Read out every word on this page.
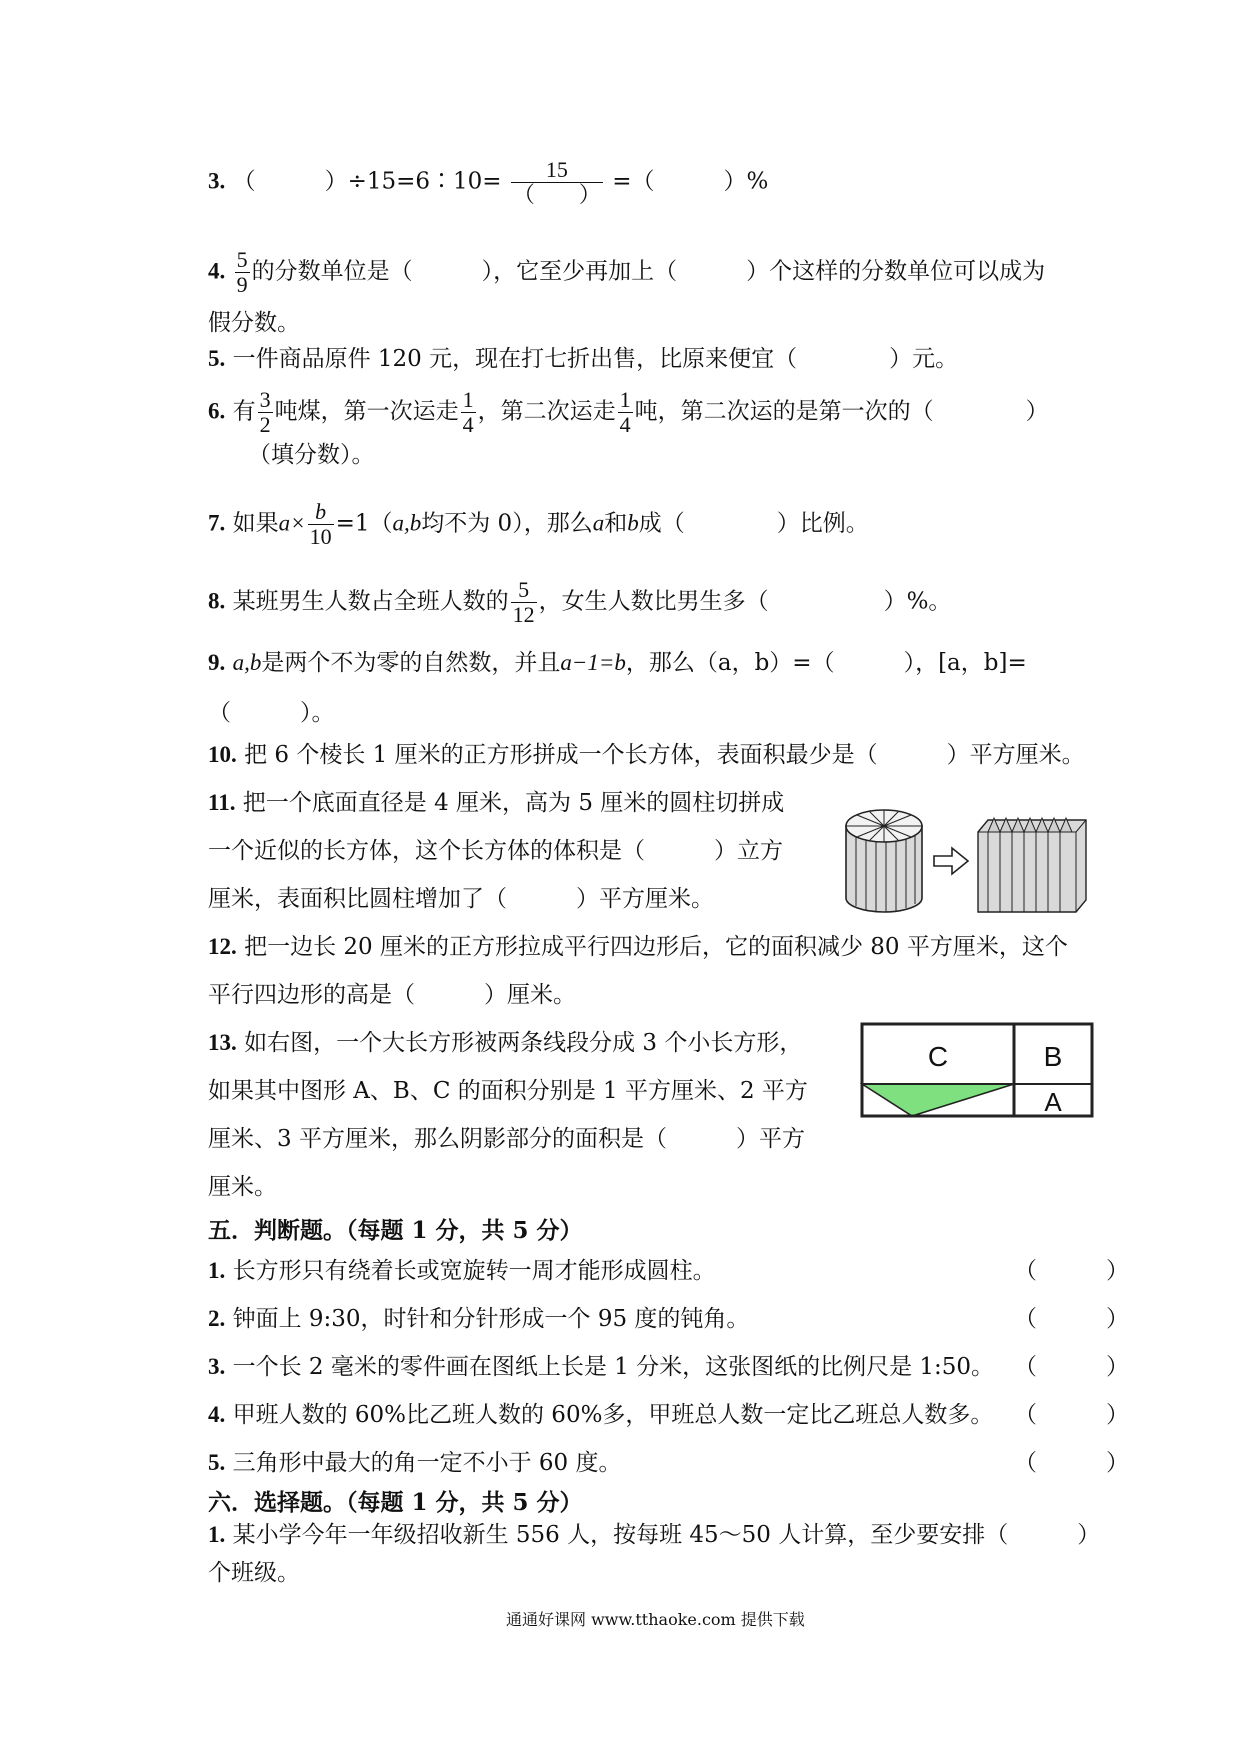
3. （　　　）÷15=6∶10= $\frac{15}{( )}$ =（　　　）%
4. $\frac{5}{9}$ 的分数单位是（　　　），它至少再加上（　　　）个这样的分数单位可以成为
假分数。
5. 一件商品原件 120 元，现在打七折出售，比原来便宜（　　　　）元。
6. 有 $\frac{3}{2}$ 吨煤，第一次运走 $\frac{1}{4}$ ，第二次运走 $\frac{1}{4}$ 吨，第二次运的是第一次的（　　　　）
（填分数）。
7. 如果$a\times \frac{b}{10} =1(a,b$均不为 0），那么a和b成（　　　　）比例。
8. 某班男生人数占全班人数的 $\frac{5}{12}$ ，女生人数比男生多（　　　　　）%。
9. a,b是两个不为零的自然数，并且a−1=b，那么（a，b）=（　　　），[a，b]=
（　　　）。
10. 把 6 个棱长 1 厘米的正方形拼成一个长方体，表面积最少是（　　　）平方厘米。
11. 把一个底面直径是 4 厘米，高为 5 厘米的圆柱切拼成
一个近似的长方体，这个长方体的体积是（　　　）立方
厘米，表面积比圆柱增加了（　　　）平方厘米。
12. 把一边长 20 厘米的正方形拉成平行四边形后，它的面积减少 80 平方厘米，这个
平行四边形的高是（　　　）厘米。
13. 如右图，一个大长方形被两条线段分成 3 个小长方形，
如果其中图形 A、B、C 的面积分别是 1 平方厘米、2 平方
厘米、3 平方厘米，那么阴影部分的面积是（　　　）平方
厘米。
C	B
A
五．判断题。（每题 1 分，共 5 分）
1. 长方形只有绕着长或宽旋转一周才能形成圆柱。	（　　　）
2. 钟面上 9:30，时针和分针形成一个 95 度的钝角。	（　　　）
3. 一个长 2 毫米的零件画在图纸上长是 1 分米，这张图纸的比例尺是 1:50。 （　　　）
4. 甲班人数的 60%比乙班人数的 60%多，甲班总人数一定比乙班总人数多。 （　　　）
5. 三角形中最大的角一定不小于 60 度。	（　　　）
六．选择题。（每题 1 分，共 5 分）
1. 某小学今年一年级招收新生 556 人，按每班 45～50 人计算，至少要安排（　　　）
个班级。
通通好课网 www.tthaoke.com 提供下载
